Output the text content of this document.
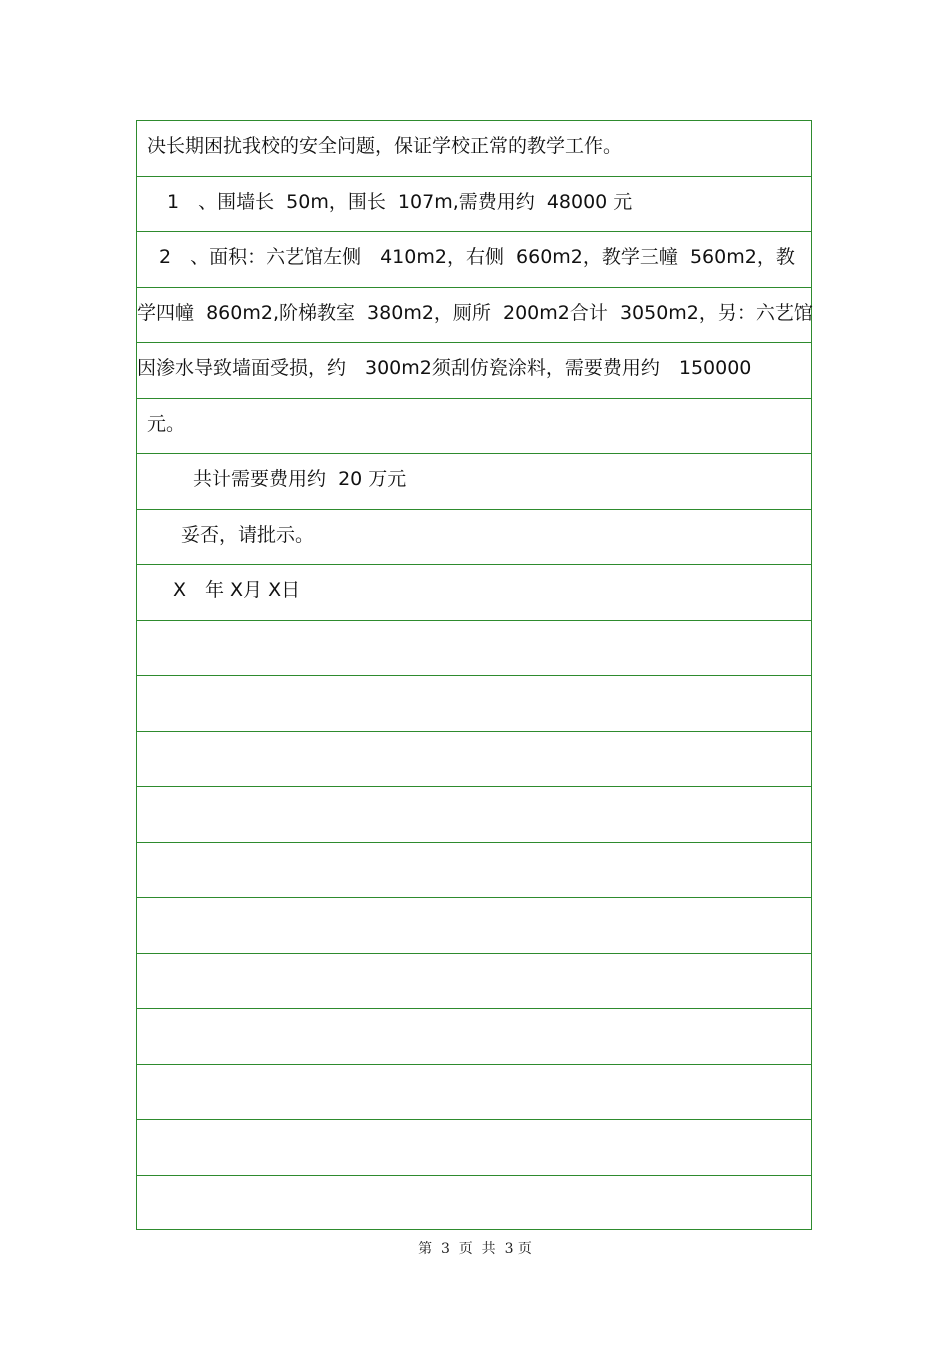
决长期困扰我校的安全问题，保证学校正常的教学工作。
1　、围墙长  50m，围长  107m,需费用约  48000 元
2　、面积：六艺馆左侧　410m2，右侧  660m2，教学三幢  560m2，教
学四幢  860m2,阶梯教室  380m2，厕所  200m2合计  3050m2，另：六艺馆
因渗水导致墙面受损，约　300m2须刮仿瓷涂料，需要费用约　150000
元。
共计需要费用约  20 万元
妥否，请批示。
X　年 X月 X日
第  3  页  共  3 页
